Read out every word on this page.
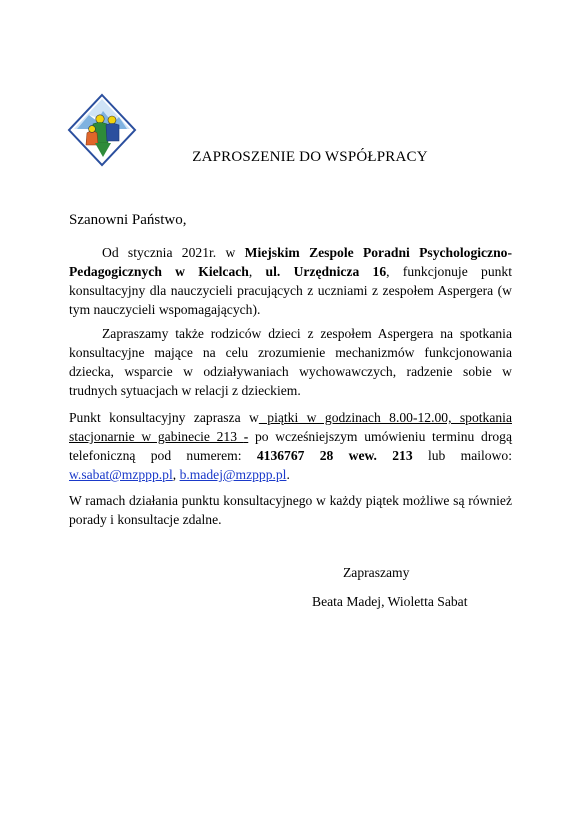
ZAPROSZENIE DO WSPÓŁPRACY
Szanowni Państwo,
Od stycznia 2021r. w Miejskim Zespole Poradni Psychologiczno-Pedagogicznych w Kielcach, ul. Urzędnicza 16, funkcjonuje punkt konsultacyjny dla nauczycieli pracujących z uczniami z zespołem Aspergera (w tym nauczycieli wspomagających).
Zapraszamy także rodziców dzieci z zespołem Aspergera na spotkania konsultacyjne mające na celu zrozumienie mechanizmów funkcjonowania dziecka, wsparcie w odziaływaniach wychowawczych, radzenie sobie w trudnych sytuacjach w relacji z dzieckiem.
Punkt konsultacyjny zaprasza w piątki w godzinach 8.00-12.00, spotkania stacjonarnie w gabinecie 213 - po wcześniejszym umówieniu terminu drogą telefoniczną pod numerem: 4136767 28 wew. 213 lub mailowo: w.sabat@mzppp.pl, b.madej@mzppp.pl.
W ramach działania punktu konsultacyjnego w każdy piątek możliwe są również porady i konsultacje zdalne.
Zapraszamy
Beata Madej, Wioletta Sabat
